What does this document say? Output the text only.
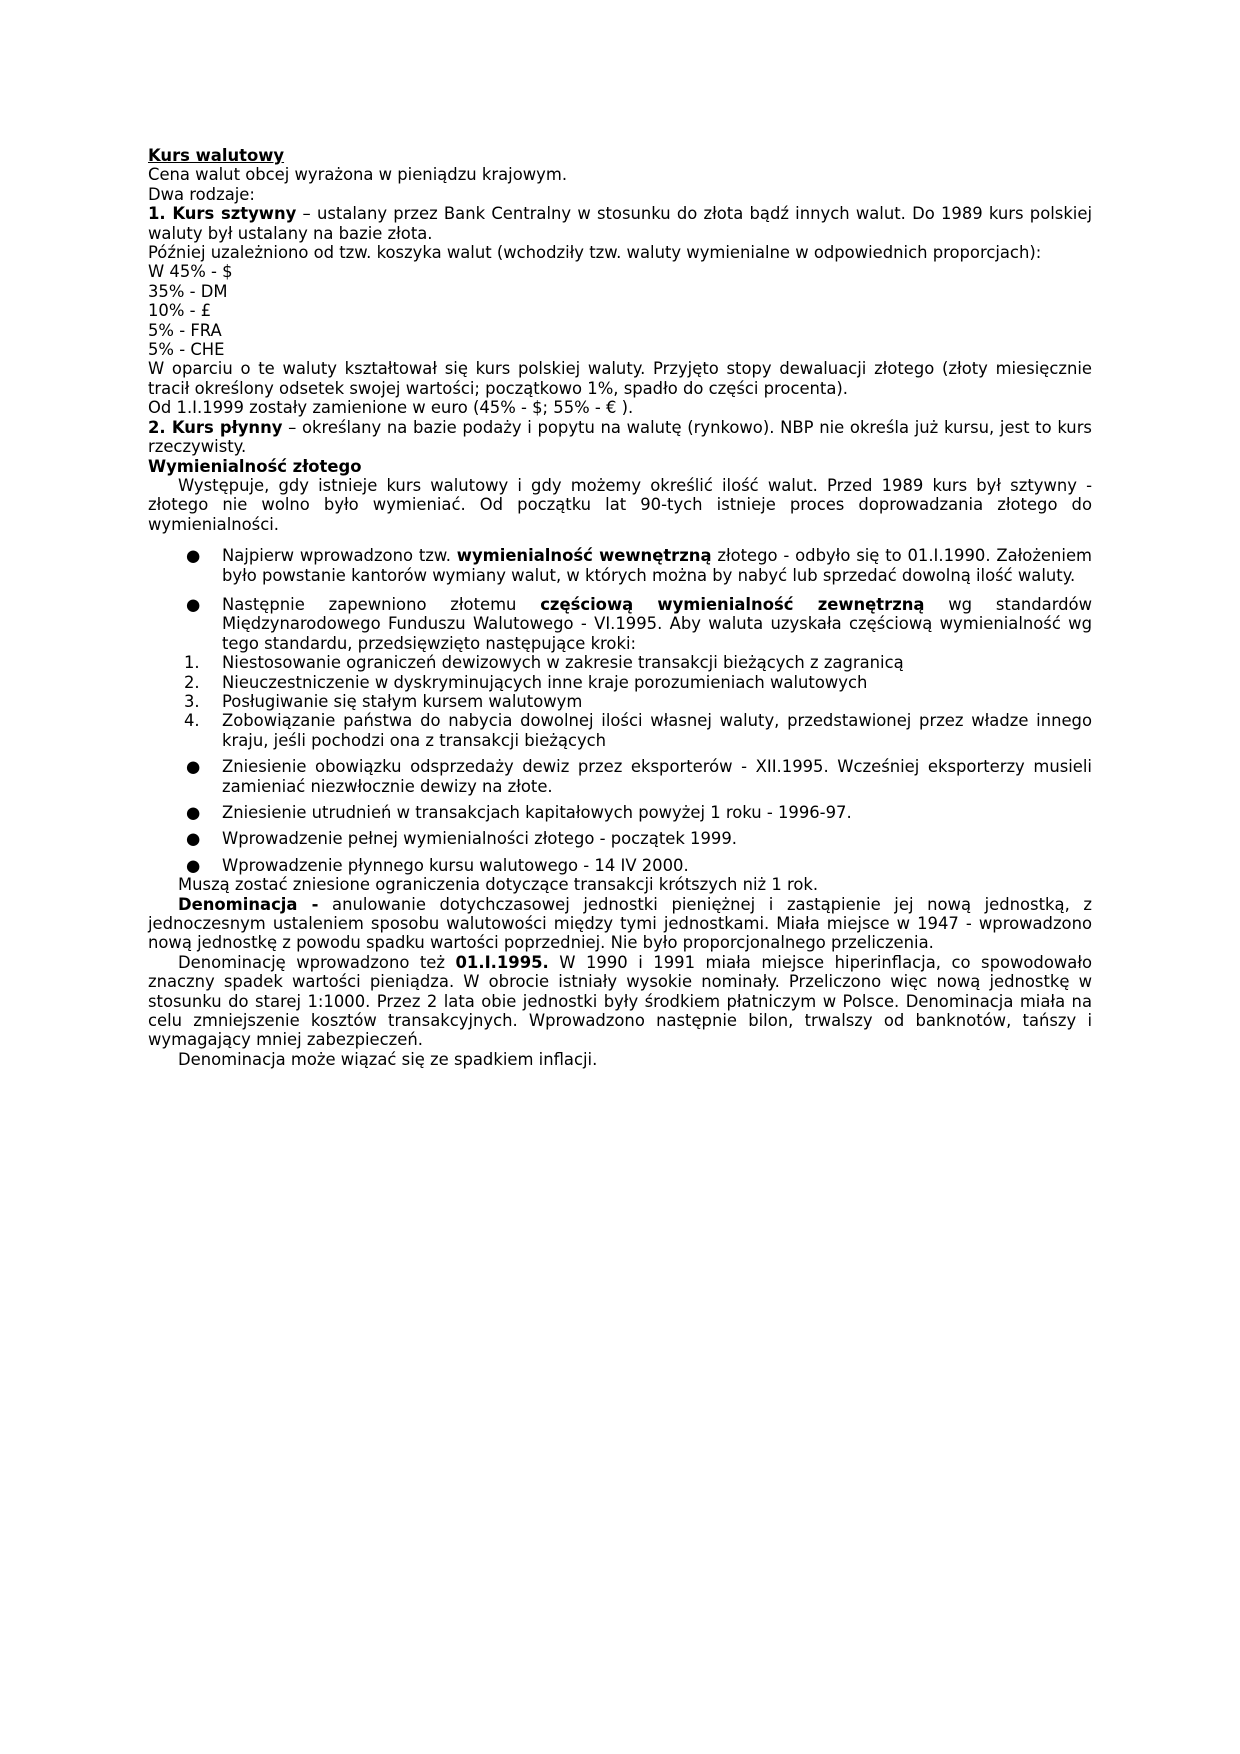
Kurs walutowy

Cena walut obcej wyrażona w pieniądzu krajowym.

Dwa rodzaje:

1. Kurs sztywny – ustalany przez Bank Centralny w stosunku do złota bądź innych walut. Do 1989 kurs polskiej waluty był ustalany na bazie złota.

Później uzależniono od tzw. koszyka walut (wchodziły tzw. waluty wymienialne w odpowiednich proporcjach):

W 45% - $

35% - DM

10% - £

5% - FRA

5% - CHE

W oparciu o te waluty kształtował się kurs polskiej waluty. Przyjęto stopy dewaluacji złotego (złoty miesięcznie tracił określony odsetek swojej wartości; początkowo 1%, spadło do części procenta).

Od 1.I.1999 zostały zamienione w euro (45% - $; 55% - € ).

2. Kurs płynny – określany na bazie podaży i popytu na walutę (rynkowo). NBP nie określa już kursu, jest to kurs rzeczywisty.

Wymienialność złotego

Występuje, gdy istnieje kurs walutowy i gdy możemy określić ilość walut. Przed 1989 kurs był sztywny - złotego nie wolno było wymieniać. Od początku lat 90-tych istnieje proces doprowadzania złotego do wymienialności.

● Najpierw wprowadzono tzw. wymienialność wewnętrzną złotego - odbyło się to 01.I.1990. Założeniem było powstanie kantorów wymiany walut, w których można by nabyć lub sprzedać dowolną ilość waluty.
● Następnie zapewniono złotemu częściową wymienialność zewnętrzną wg standardów Międzynarodowego Funduszu Walutowego - VI.1995. Aby waluta uzyskała częściową wymienialność wg tego standardu, przedsięwzięto następujące kroki:
1. Niestosowanie ograniczeń dewizowych w zakresie transakcji bieżących z zagranicą
2. Nieuczestniczenie w dyskryminujących inne kraje porozumieniach walutowych
3. Posługiwanie się stałym kursem walutowym
4. Zobowiązanie państwa do nabycia dowolnej ilości własnej waluty, przedstawionej przez władze innego kraju, jeśli pochodzi ona z transakcji bieżących
● Zniesienie obowiązku odsprzedaży dewiz przez eksporterów - XII.1995. Wcześniej eksporterzy musieli zamieniać niezwłocznie dewizy na złote.
● Zniesienie utrudnień w transakcjach kapitałowych powyżej 1 roku - 1996-97.
● Wprowadzenie pełnej wymienialności złotego - początek 1999.
● Wprowadzenie płynnego kursu walutowego - 14 IV 2000.

Muszą zostać zniesione ograniczenia dotyczące transakcji krótszych niż 1 rok.

Denominacja - anulowanie dotychczasowej jednostki pieniężnej i zastąpienie jej nową jednostką, z jednoczesnym ustaleniem sposobu walutowości między tymi jednostkami. Miała miejsce w 1947 - wprowadzono nową jednostkę z powodu spadku wartości poprzedniej. Nie było proporcjonalnego przeliczenia.

Denominację wprowadzono też 01.I.1995. W 1990 i 1991 miała miejsce hiperinflacja, co spowodowało znaczny spadek wartości pieniądza. W obrocie istniały wysokie nominały. Przeliczono więc nową jednostkę w stosunku do starej 1:1000. Przez 2 lata obie jednostki były środkiem płatniczym w Polsce. Denominacja miała na celu zmniejszenie kosztów transakcyjnych. Wprowadzono następnie bilon, trwalszy od banknotów, tańszy i wymagający mniej zabezpieczeń.

Denominacja może wiązać się ze spadkiem inflacji.
